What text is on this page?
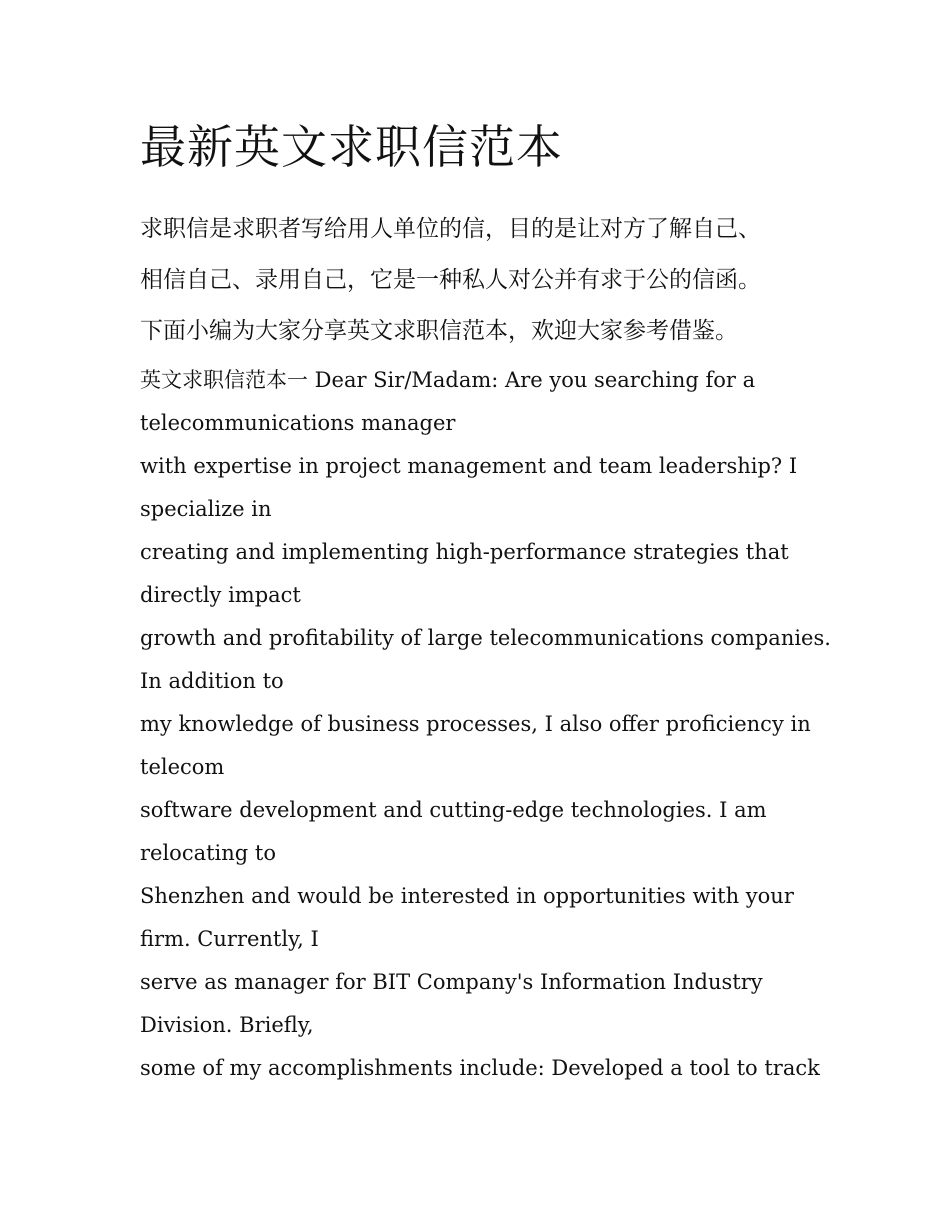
最新英文求职信范本

求职信是求职者写给用人单位的信，目的是让对方了解自己、

相信自己、录用自己，它是一种私人对公并有求于公的信函。

下面小编为大家分享英文求职信范本，欢迎大家参考借鉴。

英文求职信范本一 Dear Sir/Madam: Are you searching for a

telecommunications manager

with expertise in project management and team leadership? I

specialize in

creating and implementing high-performance strategies that

directly impact

growth and profitability of large telecommunications companies.

In addition to

my knowledge of business processes, I also offer proficiency in

telecom

software development and cutting-edge technologies. I am

relocating to

Shenzhen and would be interested in opportunities with your

firm. Currently, I

serve as manager for BIT Company's Information Industry

Division. Briefly,

some of my accomplishments include: Developed a tool to track
